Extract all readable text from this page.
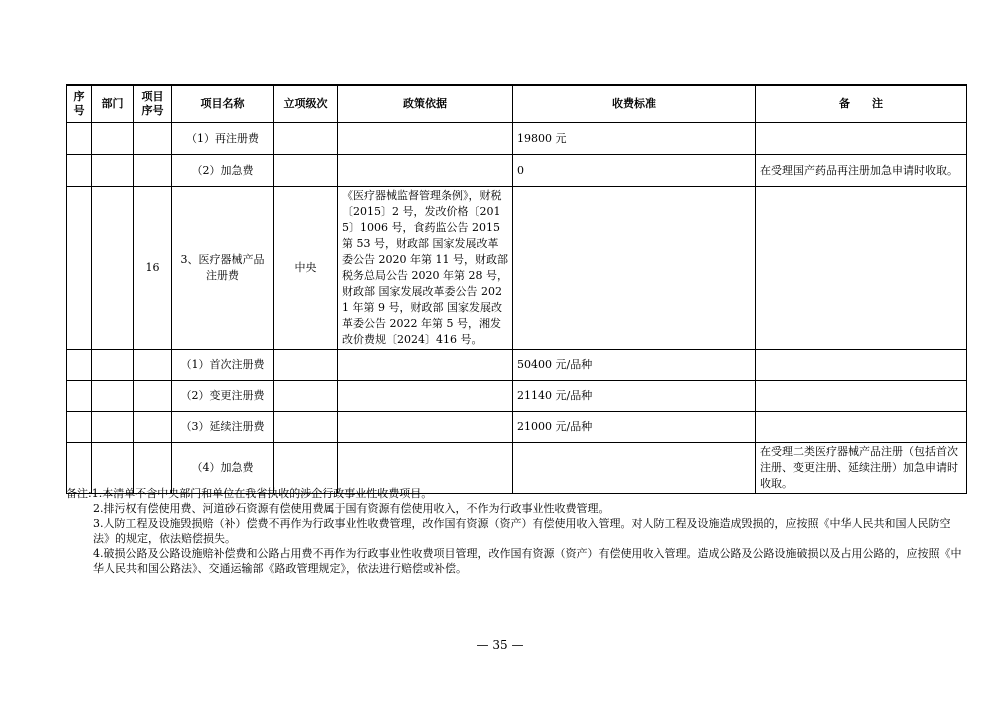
序号	部门	项目序号	项目名称	立项级次	政策依据	收费标准	备　　注
			（1）再注册费			19800 元	
			（2）加急费			0	在受理国产药品再注册加急申请时收取。
		16	3、医疗器械产品注册费	中央	《医疗器械监督管理条例》，财税〔2015〕2 号，发改价格〔2015〕1006 号，食药监公告 2015 第 53 号，财政部 国家发展改革委公告 2020 年第 11 号，财政部 税务总局公告 2020 年第 28 号，财政部 国家发展改革委公告 2021 年第 9 号，财政部 国家发展改革委公告 2022 年第 5 号，湘发改价费规〔2024〕416 号。		
			（1）首次注册费			50400 元/品种	
			（2）变更注册费			21140 元/品种	
			（3）延续注册费			21000 元/品种	
			（4）加急费				在受理二类医疗器械产品注册（包括首次注册、变更注册、延续注册）加急申请时收取。

备注:1.本清单不含中央部门和单位在我省执收的涉企行政事业性收费项目。

2.排污权有偿使用费、河道砂石资源有偿使用费属于国有资源有偿使用收入，不作为行政事业性收费管理。

3.人防工程及设施毁损赔（补）偿费不再作为行政事业性收费管理，改作国有资源（资产）有偿使用收入管理。对人防工程及设施造成毁损的，应按照《中华人民共和国人民防空法》的规定，依法赔偿损失。

4.破损公路及公路设施赔补偿费和公路占用费不再作为行政事业性收费项目管理，改作国有资源（资产）有偿使用收入管理。造成公路及公路设施破损以及占用公路的，应按照《中华人民共和国公路法》、交通运输部《路政管理规定》，依法进行赔偿或补偿。

— 35 —
